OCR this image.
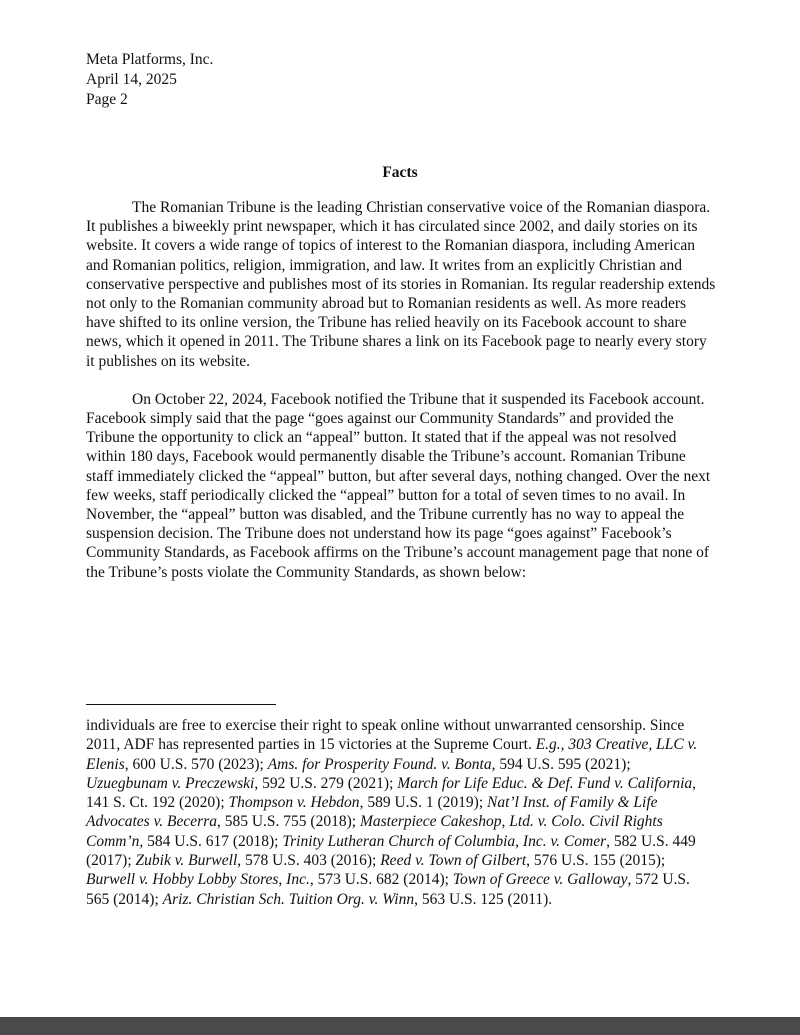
Meta Platforms, Inc.
April 14, 2025
Page 2
Facts

The Romanian Tribune is the leading Christian conservative voice of the Romanian diaspora. It publishes a biweekly print newspaper, which it has circulated since 2002, and daily stories on its website. It covers a wide range of topics of interest to the Romanian diaspora, including American and Romanian politics, religion, immigration, and law. It writes from an explicitly Christian and conservative perspective and publishes most of its stories in Romanian. Its regular readership extends not only to the Romanian community abroad but to Romanian residents as well. As more readers have shifted to its online version, the Tribune has relied heavily on its Facebook account to share news, which it opened in 2011. The Tribune shares a link on its Facebook page to nearly every story it publishes on its website.

On October 22, 2024, Facebook notified the Tribune that it suspended its Facebook account. Facebook simply said that the page “goes against our Community Standards” and provided the Tribune the opportunity to click an “appeal” button. It stated that if the appeal was not resolved within 180 days, Facebook would permanently disable the Tribune’s account. Romanian Tribune staff immediately clicked the “appeal” button, but after several days, nothing changed. Over the next few weeks, staff periodically clicked the “appeal” button for a total of seven times to no avail. In November, the “appeal” button was disabled, and the Tribune currently has no way to appeal the suspension decision. The Tribune does not understand how its page “goes against” Facebook’s Community Standards, as Facebook affirms on the Tribune’s account management page that none of the Tribune’s posts violate the Community Standards, as shown below:

individuals are free to exercise their right to speak online without unwarranted censorship. Since 2011, ADF has represented parties in 15 victories at the Supreme Court. E.g., 303 Creative, LLC v. Elenis, 600 U.S. 570 (2023); Ams. for Prosperity Found. v. Bonta, 594 U.S. 595 (2021); Uzuegbunam v. Preczewski, 592 U.S. 279 (2021); March for Life Educ. & Def. Fund v. California, 141 S. Ct. 192 (2020); Thompson v. Hebdon, 589 U.S. 1 (2019); Nat’l Inst. of Family & Life Advocates v. Becerra, 585 U.S. 755 (2018); Masterpiece Cakeshop, Ltd. v. Colo. Civil Rights Comm’n, 584 U.S. 617 (2018); Trinity Lutheran Church of Columbia, Inc. v. Comer, 582 U.S. 449 (2017); Zubik v. Burwell, 578 U.S. 403 (2016); Reed v. Town of Gilbert, 576 U.S. 155 (2015); Burwell v. Hobby Lobby Stores, Inc., 573 U.S. 682 (2014); Town of Greece v. Galloway, 572 U.S. 565 (2014); Ariz. Christian Sch. Tuition Org. v. Winn, 563 U.S. 125 (2011).
